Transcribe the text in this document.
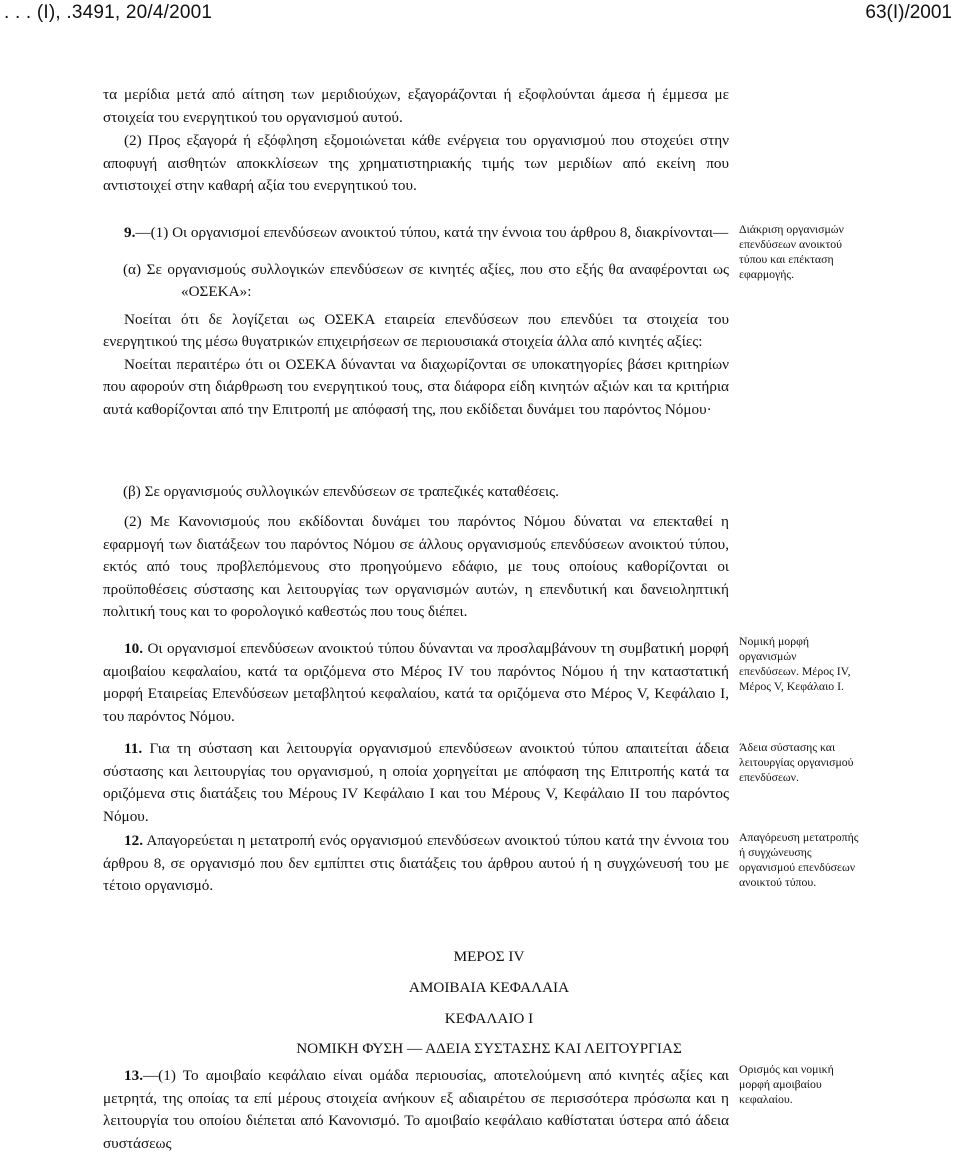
. . . (Ι), .3491, 20/4/2001	63(Ι)/2001

τα μερίδια μετά από αίτηση των μεριδιούχων, εξαγοράζονται ή εξοφλούνται άμεσα ή έμμεσα με στοιχεία του ενεργητικού του οργανισμού αυτού.

(2) Προς εξαγορά ή εξόφληση εξομοιώνεται κάθε ενέργεια του οργανισμού που στοχεύει στην αποφυγή αισθητών αποκκλίσεων της χρηματιστηριακής τιμής των μεριδίων από εκείνη που αντιστοιχεί στην καθαρή αξία του ενεργητικού του.

9.—(1) Οι οργανισμοί επενδύσεων ανοικτού τύπου, κατά την έννοια του άρθρου 8, διακρίνονται—

(α) Σε οργανισμούς συλλογικών επενδύσεων σε κινητές αξίες, που στο εξής θα αναφέρονται ως «ΟΣΕΚΑ»:

Νοείται ότι δε λογίζεται ως ΟΣΕΚΑ εταιρεία επενδύσεων που επενδύει τα στοιχεία του ενεργητικού της μέσω θυγατρικών επιχειρήσεων σε περιουσιακά στοιχεία άλλα από κινητές αξίες:

Νοείται περαιτέρω ότι οι ΟΣΕΚΑ δύνανται να διαχωρίζονται σε υποκατηγορίες βάσει κριτηρίων που αφορούν στη διάρθρωση του ενεργητικού τους, στα διάφορα είδη κινητών αξιών και τα κριτήρια αυτά καθορίζονται από την Επιτροπή με απόφασή της, που εκδίδεται δυνάμει του παρόντος Νόμου·

Διάκριση οργανισμών επενδύσεων ανοικτού τύπου και επέκταση εφαρμογής.

(β) Σε οργανισμούς συλλογικών επενδύσεων σε τραπεζικές καταθέσεις.

(2) Με Κανονισμούς που εκδίδονται δυνάμει του παρόντος Νόμου δύναται να επεκταθεί η εφαρμογή των διατάξεων του παρόντος Νόμου σε άλλους οργανισμούς επενδύσεων ανοικτού τύπου, εκτός από τους προβλεπόμενους στο προηγούμενο εδάφιο, με τους οποίους καθορίζονται οι προϋποθέσεις σύστασης και λειτουργίας των οργανισμών αυτών, η επενδυτική και δανειοληπτική πολιτική τους και το φορολογικό καθεστώς που τους διέπει.

10. Οι οργανισμοί επενδύσεων ανοικτού τύπου δύνανται να προσλαμβάνουν τη συμβατική μορφή αμοιβαίου κεφαλαίου, κατά τα οριζόμενα στο Μέρος IV του παρόντος Νόμου ή την καταστατική μορφή Εταιρείας Επενδύσεων μεταβλητού κεφαλαίου, κατά τα οριζόμενα στο Μέρος V, Κεφάλαιο I, του παρόντος Νόμου.

Νομική μορφή οργανισμών επενδύσεων. Μέρος IV, Μέρος V, Κεφάλαιο I.

11. Για τη σύσταση και λειτουργία οργανισμού επενδύσεων ανοικτού τύπου απαιτείται άδεια σύστασης και λειτουργίας του οργανισμού, η οποία χορηγείται με απόφαση της Επιτροπής κατά τα οριζόμενα στις διατάξεις του Μέρους IV Κεφάλαιο I και του Μέρους V, Κεφάλαιο II του παρόντος Νόμου.

Άδεια σύστασης και λειτουργίας οργανισμού επενδύσεων.

12. Απαγορεύεται η μετατροπή ενός οργανισμού επενδύσεων ανοικτού τύπου κατά την έννοια του άρθρου 8, σε οργανισμό που δεν εμπίπτει στις διατάξεις του άρθρου αυτού ή η συγχώνευσή του με τέτοιο οργανισμό.

Απαγόρευση μετατροπής ή συγχώνευσης οργανισμού επενδύσεων ανοικτού τύπου.
ΜΕΡΟΣ IV
ΑΜΟΙΒΑΙΑ ΚΕΦΑΛΑΙΑ
ΚΕΦΑΛΑΙΟ I
ΝΟΜΙΚΗ ΦΥΣΗ — ΑΔΕΙΑ ΣΥΣΤΑΣΗΣ ΚΑΙ ΛΕΙΤΟΥΡΓΙΑΣ

13.—(1) Το αμοιβαίο κεφάλαιο είναι ομάδα περιουσίας, αποτελούμενη από κινητές αξίες και μετρητά, της οποίας τα επί μέρους στοιχεία ανήκουν εξ αδιαιρέτου σε περισσότερα πρόσωπα και η λειτουργία του οποίου διέπεται από Κανονισμό. Το αμοιβαίο κεφάλαιο καθίσταται ύστερα από άδεια συστάσεως

Ορισμός και νομική μορφή αμοιβαίου κεφαλαίου.
